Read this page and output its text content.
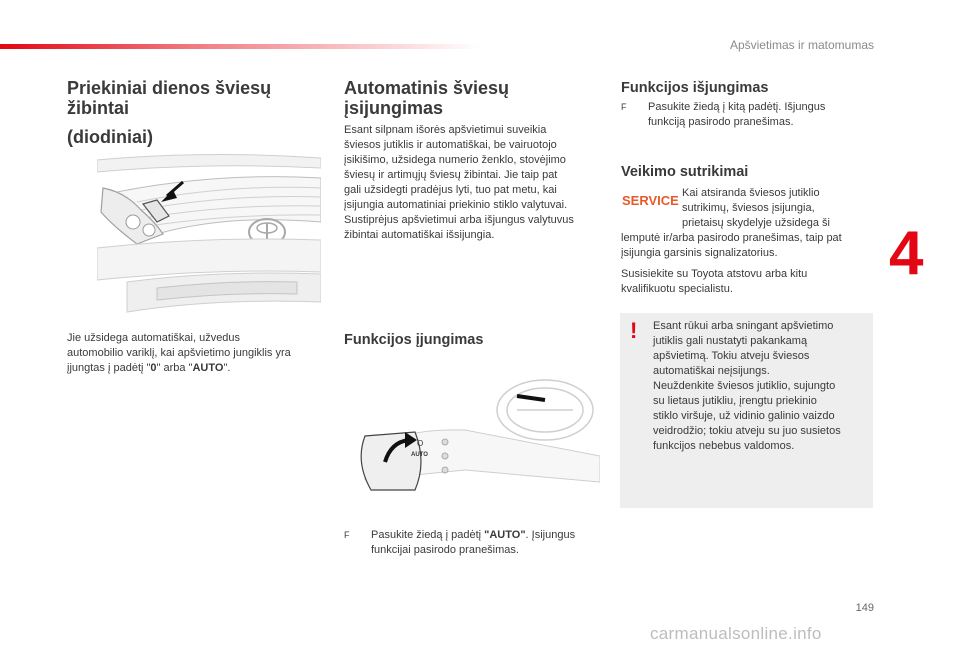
Apšvietimas ir matomumas
Priekiniai dienos šviesų
žibintai
(diodiniai)

Jie užsidega automatiškai, užvedus

automobilio variklį, kai apšvietimo jungiklis yra

įjungtas į padėtį "0" arba "AUTO".

Automatinis šviesų
įsijungimas

Esant silpnam išorės apšvietimui suveikia

šviesos jutiklis ir automatiškai, be vairuotojo

įsikišimo, užsidega numerio ženklo, stovėjimo

šviesų ir artimųjų šviesų žibintai. Jie taip pat

gali užsidegti pradėjus lyti, tuo pat metu, kai

įsijungia automatiniai priekinio stiklo valytuvai.

Sustiprėjus apšvietimui arba išjungus valytuvus

žibintai automatiškai išsijungia.

Funkcijos įjungimas
O
AUTO
F	Pasukite žiedą į padėtį "AUTO". Įsijungus
funkcijai pasirodo pranešimas.
Funkcijos išjungimas
F	Pasukite žiedą į kitą padėtį. Išjungus
funkciją pasirodo pranešimas.
Veikimo sutrikimai
SERVICE Kai atsiranda šviesos jutiklio

sutrikimų, šviesos įsijungia,

prietaisų skydelyje užsidega ši

lemputė ir/arba pasirodo pranešimas, taip pat

įsijungia garsinis signalizatorius.

Susisiekite su Toyota atstovu arba kitu

kvalifikuotu specialistu.

! Esant rūkui arba sningant apšvietimo

jutiklis gali nustatyti pakankamą

apšvietimą. Tokiu atveju šviesos

automatiškai neįsijungs.

Neuždenkite šviesos jutiklio, sujungto

su lietaus jutikliu, įrengtu priekinio

stiklo viršuje, už vidinio galinio vaizdo

veidrodžio; tokiu atveju su juo susietos

funkcijos nebebus valdomos.

4
149
carmanualsonline.info
